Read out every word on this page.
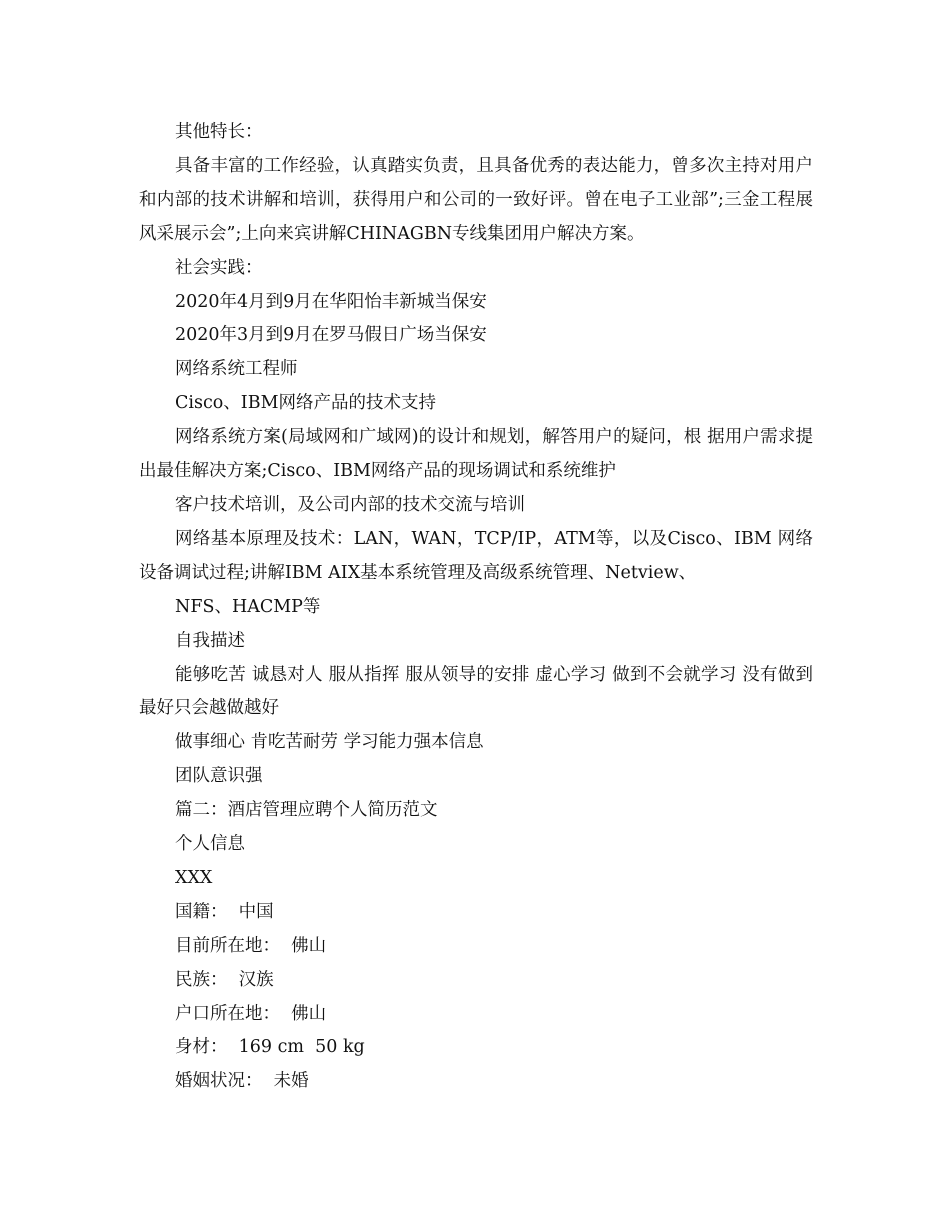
其他特长：

具备丰富的工作经验，认真踏实负责，且具备优秀的表达能力，曾多次主持对用户和内部的技术讲解和培训，获得用户和公司的一致好评。曾在电子工业部”;三金工程展风采展示会”;上向来宾讲解CHINAGBN专线集团用户解决方案。

社会实践：

2020年4月到9月在华阳怡丰新城当保安

2020年3月到9月在罗马假日广场当保安

网络系统工程师

Cisco、IBM网络产品的技术支持

网络系统方案(局域网和广域网)的设计和规划，解答用户的疑问，根 据用户需求提出最佳解决方案;Cisco、IBM网络产品的现场调试和系统维护

客户技术培训，及公司内部的技术交流与培训

网络基本原理及技术：LAN，WAN，TCP/IP，ATM等，以及Cisco、IBM 网络设备调试过程;讲解IBM AIX基本系统管理及高级系统管理、Netview、

NFS、HACMP等

自我描述

能够吃苦 诚恳对人 服从指挥 服从领导的安排 虚心学习 做到不会就学习 没有做到最好只会越做越好

做事细心 肯吃苦耐劳 学习能力强本信息

团队意识强

篇二：酒店管理应聘个人简历范文

个人信息

XXX

国籍：  中国

目前所在地：  佛山

民族：  汉族

户口所在地：  佛山

身材：  169 cm  50 kg

婚姻状况：  未婚
